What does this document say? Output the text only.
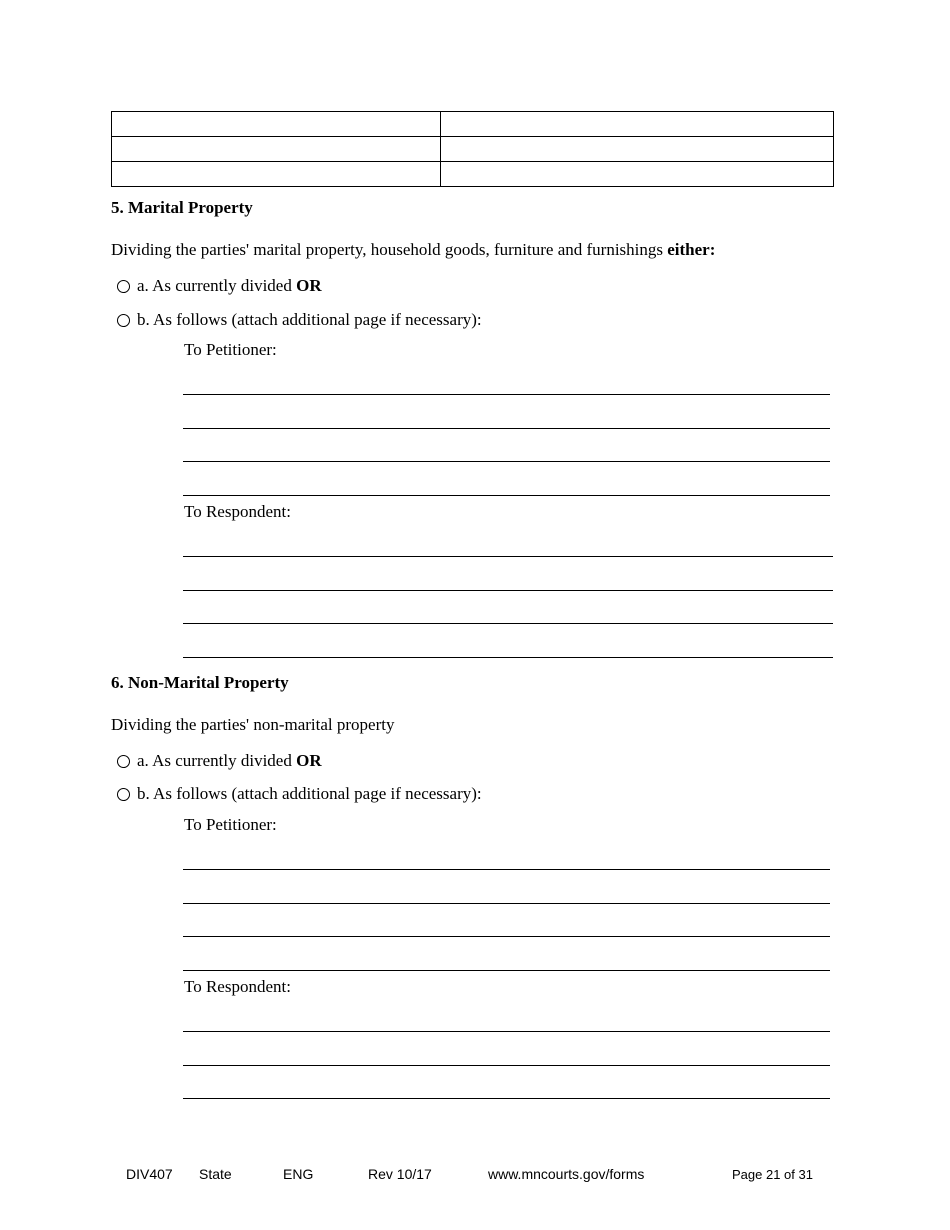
5. Marital Property
Dividing the parties' marital property, household goods, furniture and furnishings either:
a. As currently divided
OR
b. As follows (attach additional page if necessary):
To Petitioner:
To Respondent:
6. Non-Marital Property
Dividing the parties' non-marital property
a. As currently divided
OR
b. As follows (attach additional page if necessary):
To Petitioner:
To Respondent:
DIV407 State	ENG	Rev 10/17	www.mncourts.gov/forms	Page 21 of 31
